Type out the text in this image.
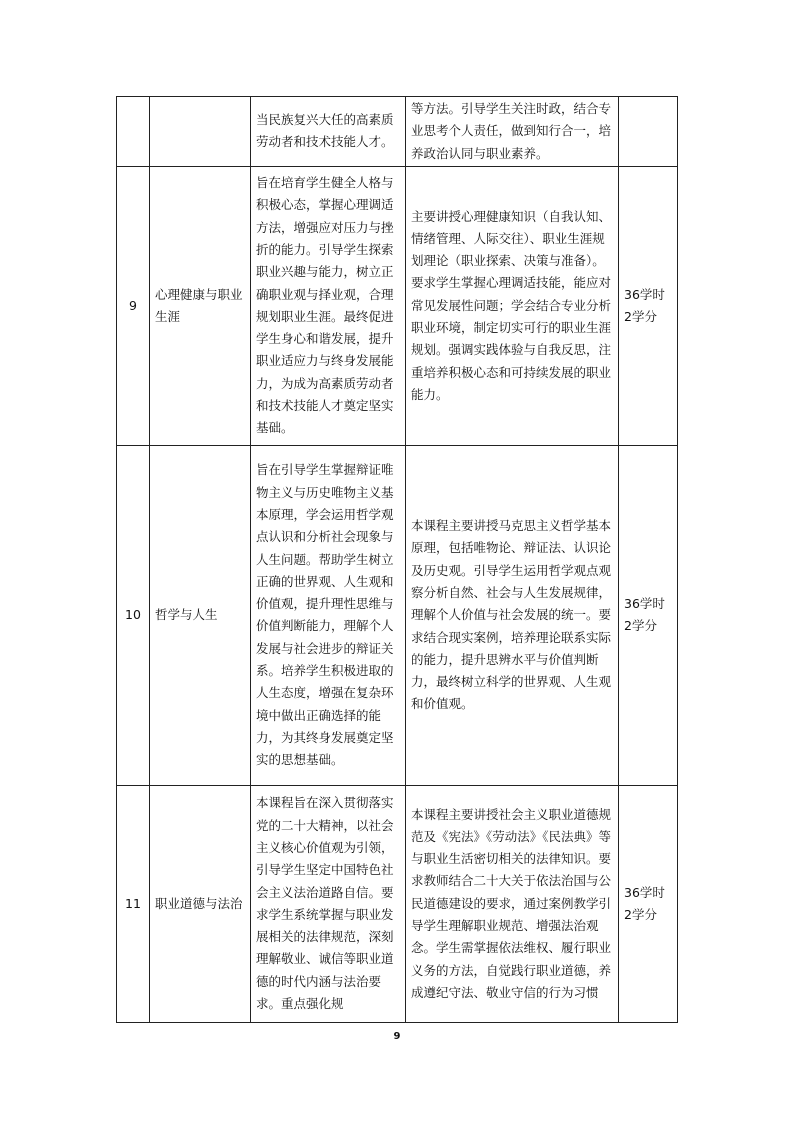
		当民族复兴大任的高素质劳动者和技术技能人才。	等方法。引导学生关注时政，结合专业思考个人责任，做到知行合一，培养政治认同与职业素养。	

9	心理健康与职业生涯	旨在培育学生健全人格与积极心态，掌握心理调适方法，增强应对压力与挫折的能力。引导学生探索职业兴趣与能力，树立正确职业观与择业观，合理规划职业生涯。最终促进学生身心和谐发展，提升职业适应力与终身发展能力，为成为高素质劳动者和技术技能人才奠定坚实基础。	主要讲授心理健康知识（自我认知、情绪管理、人际交往）、职业生涯规划理论（职业探索、决策与准备）。要求学生掌握心理调适技能，能应对常见发展性问题；学会结合专业分析职业环境，制定切实可行的职业生涯规划。强调实践体验与自我反思，注重培养积极心态和可持续发展的职业能力。	36学时
2学分

10	哲学与人生	旨在引导学生掌握辩证唯物主义与历史唯物主义基本原理，学会运用哲学观点认识和分析社会现象与人生问题。帮助学生树立正确的世界观、人生观和价值观，提升理性思维与价值判断能力，理解个人发展与社会进步的辩证关系。培养学生积极进取的人生态度，增强在复杂环境中做出正确选择的能力，为其终身发展奠定坚实的思想基础。	本课程主要讲授马克思主义哲学基本原理，包括唯物论、辩证法、认识论及历史观。引导学生运用哲学观点观察分析自然、社会与人生发展规律，理解个人价值与社会发展的统一。要求结合现实案例，培养理论联系实际的能力，提升思辨水平与价值判断力，最终树立科学的世界观、人生观和价值观。	36学时
2学分

11	职业道德与法治	本课程旨在深入贯彻落实党的二十大精神，以社会主义核心价值观为引领，引导学生坚定中国特色社会主义法治道路自信。要求学生系统掌握与职业发展相关的法律规范，深刻理解敬业、诚信等职业道德的时代内涵与法治要求。重点强化规	本课程主要讲授社会主义职业道德规范及《宪法》《劳动法》《民法典》等与职业生活密切相关的法律知识。要求教师结合二十大关于依法治国与公民道德建设的要求，通过案例教学引导学生理解职业规范、增强法治观念。学生需掌握依法维权、履行职业义务的方法，自觉践行职业道德，养成遵纪守法、敬业守信的行为习惯	36学时
2学分
9
